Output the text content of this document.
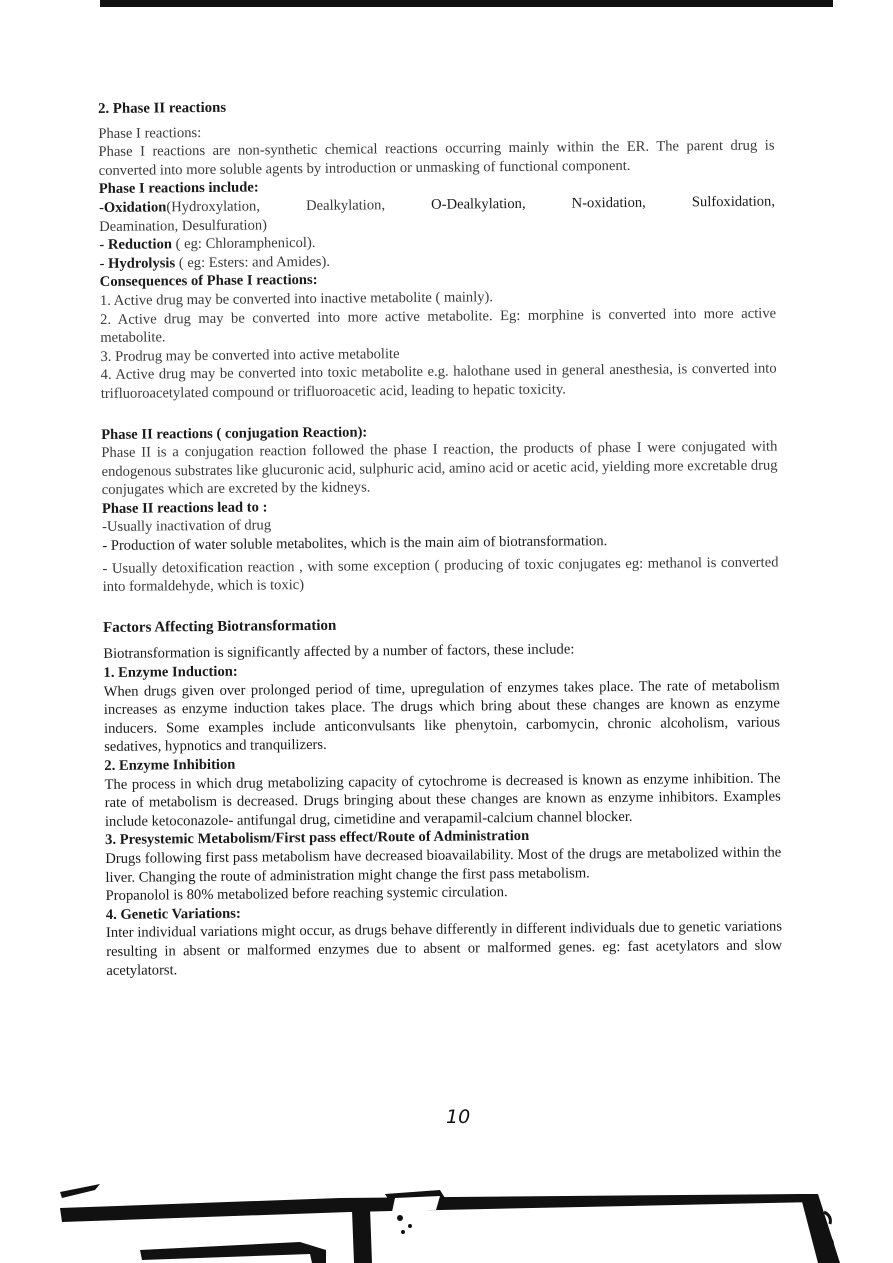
2. Phase II reactions

Phase I reactions:

Phase I reactions are non-synthetic chemical reactions occurring mainly within the ER. The parent drug is converted into more soluble agents by introduction or unmasking of functional component.

Phase I reactions include:

-Oxidation(Hydroxylation,	Dealkylation,	O-Dealkylation,	N-oxidation,	Sulfoxidation,

Deamination, Desulfuration)

- Reduction ( eg: Chloramphenicol).

- Hydrolysis ( eg: Esters: and Amides).

Consequences of Phase I reactions:

1. Active drug may be converted into inactive metabolite ( mainly).

2. Active drug may be converted into more active metabolite. Eg: morphine is converted into more active metabolite.

3. Prodrug may be converted into active metabolite

4. Active drug may be converted into toxic metabolite e.g. halothane used in general anesthesia, is converted into trifluoroacetylated compound or trifluoroacetic acid, leading to hepatic toxicity.

Phase II reactions ( conjugation Reaction):

Phase II is a conjugation reaction followed the phase I reaction, the products of phase I were conjugated with endogenous substrates like glucuronic acid, sulphuric acid, amino acid or acetic acid, yielding more excretable drug conjugates which are excreted by the kidneys.

Phase II reactions lead to :

-Usually inactivation of drug

- Production of water soluble metabolites, which is the main aim of biotransformation.

- Usually detoxification reaction , with some exception ( producing of toxic conjugates eg: methanol is converted into formaldehyde, which is toxic)

Factors Affecting Biotransformation

Biotransformation is significantly affected by a number of factors, these include:

1. Enzyme Induction:

When drugs given over prolonged period of time, upregulation of enzymes takes place. The rate of metabolism increases as enzyme induction takes place. The drugs which bring about these changes are known as enzyme inducers. Some examples include anticonvulsants like phenytoin, carbomycin, chronic alcoholism, various sedatives, hypnotics and tranquilizers.

2. Enzyme Inhibition

The process in which drug metabolizing capacity of cytochrome is decreased is known as enzyme inhibition. The rate of metabolism is decreased. Drugs bringing about these changes are known as enzyme inhibitors. Examples include ketoconazole- antifungal drug, cimetidine and verapamil-calcium channel blocker.

3. Presystemic Metabolism/First pass effect/Route of Administration

Drugs following first pass metabolism have decreased bioavailability. Most of the drugs are metabolized within the liver. Changing the route of administration might change the first pass metabolism.

Propanolol is 80% metabolized before reaching systemic circulation.

4. Genetic Variations:

Inter individual variations might occur, as drugs behave differently in different individuals due to genetic variations resulting in absent or malformed enzymes due to absent or malformed genes. eg: fast acetylators and slow acetylatorst.

10
